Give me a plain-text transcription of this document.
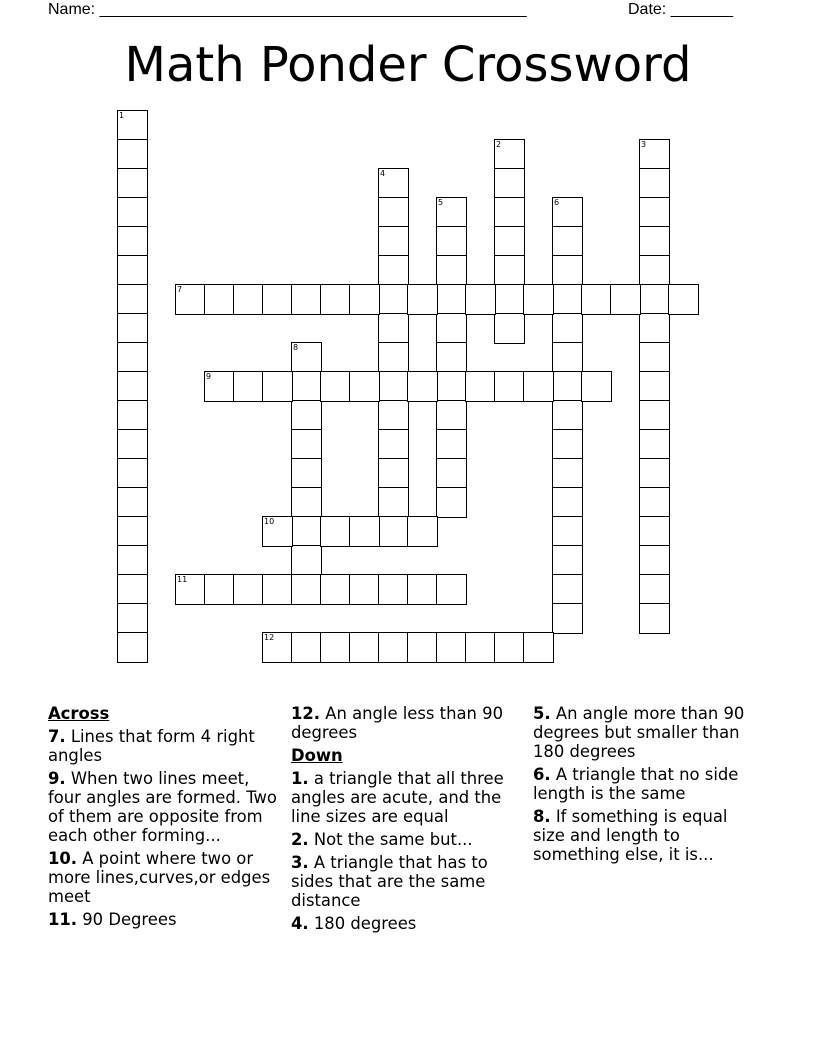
Name: ________________________________________________	Date: _______
Math Ponder Crossword
1
2	3
4
5	6
7
8
9
10
11
12
Across
7. Lines that form 4 right angles
9. When two lines meet, four angles are formed. Two of them are opposite from each other forming...
10. A point where two or more lines,curves,or edges meet
11. 90 Degrees
12. An angle less than 90 degrees
Down
1. a triangle that all three angles are acute, and the line sizes are equal
2. Not the same but...
3. A triangle that has to sides that are the same distance
4. 180 degrees
5. An angle more than 90 degrees but smaller than 180 degrees
6. A triangle that no side length is the same
8. If something is equal size and length to something else, it is...
